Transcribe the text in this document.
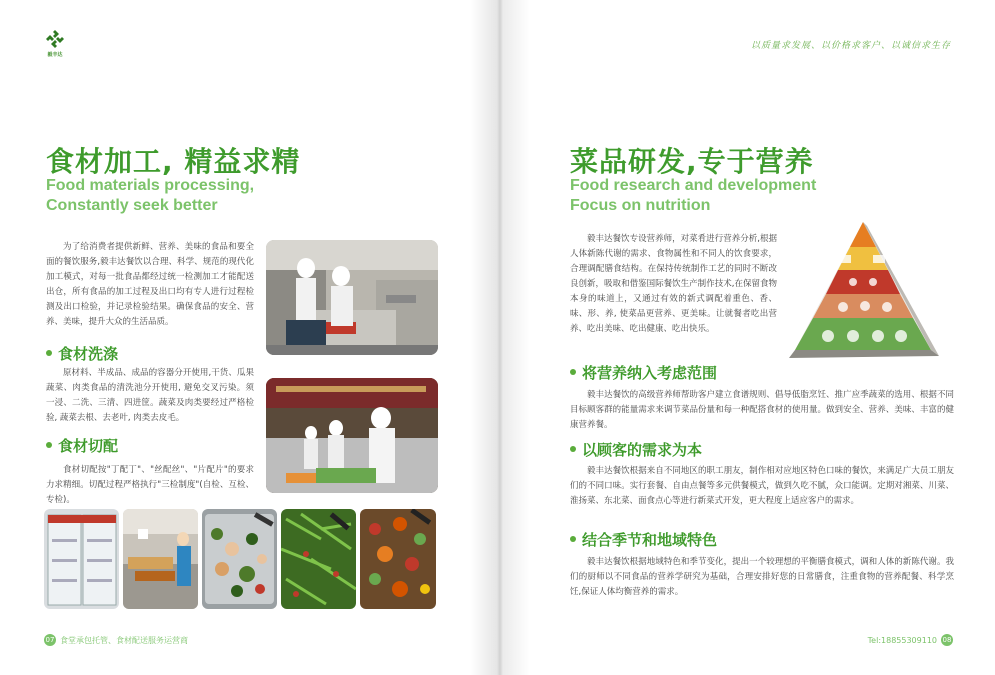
毅丰达
食材加工, 精益求精
Food materials processing,
Constantly seek better
为了给消费者提供新鲜、营养、美味的食品和要全面的餐饮服务,毅丰达餐饮以合理、科学、规范的现代化加工模式，对每一批食品都经过统一检测加工才能配送出仓，所有食品的加工过程及出口均有专人进行过程检测及出口检验，并记录检验结果。确保食品的安全、营养、美味，提升大众的生活品质。
食材洗涤
原材料、半成品、成品的容器分开使用,干货、瓜果蔬菜、肉类食品的清洗池分开使用, 避免交叉污染。须一浸、二洗、三清、四进筐。蔬菜及肉类要经过严格检验, 蔬菜去根、去老叶, 肉类去皮毛。
食材切配
食材切配按"丁配丁"、"丝配丝"、"片配片"的要求力求精细。切配过程严格执行"三检制度"(自检、互检、专检)。
07 食堂承包托管、食材配送服务运营商
以质量求发展、以价格求客户、以诚信求生存
菜品研发,专于营养
Food research and development
Focus on nutrition
毅丰达餐饮专设营养师，对菜肴进行营养分析,根据人体新陈代谢的需求、食物属性和不同人的饮食要求，合理调配膳食结构。在保持传统制作工艺的同时不断改良创新，吸取和借鉴国际餐饮生产制作技术,在保留食物本身的味道上，又通过有效的新式调配着重色、香、味、形、养, 使菜品更营养、更美味。让就餐者吃出营养、吃出美味、吃出健康、吃出快乐。
将营养纳入考虑范围
毅丰达餐饮的高级营养师帮助客户建立食谱规则、倡导低脂烹饪、推广应季蔬菜的选用、根据不同目标顾客群的能量需求来调节菜品份量和每一种配搭食材的使用量。做到安全、营养、美味、丰富的健康营养餐。
以顾客的需求为本
毅丰达餐饮根据来自不同地区的职工朋友，制作相对应地区特色口味的餐饮，来满足广大员工朋友们的不同口味。实行套餐、自由点餐等多元供餐模式，做到久吃不腻，众口能调。定期对湘菜、川菜、淮扬菜、东北菜、面食点心等进行新菜式开发，更大程度上适应客户的需求。
结合季节和地域特色
毅丰达餐饮根据地域特色和季节变化，提出一个较理想的平衡膳食模式，调和人体的新陈代谢。我们的厨师以不同食品的营养学研究为基础，合理安排好您的日常膳食，注重食物的营养配餐、科学烹饪,保证人体均衡营养的需求。
Tel:18855309110 08
